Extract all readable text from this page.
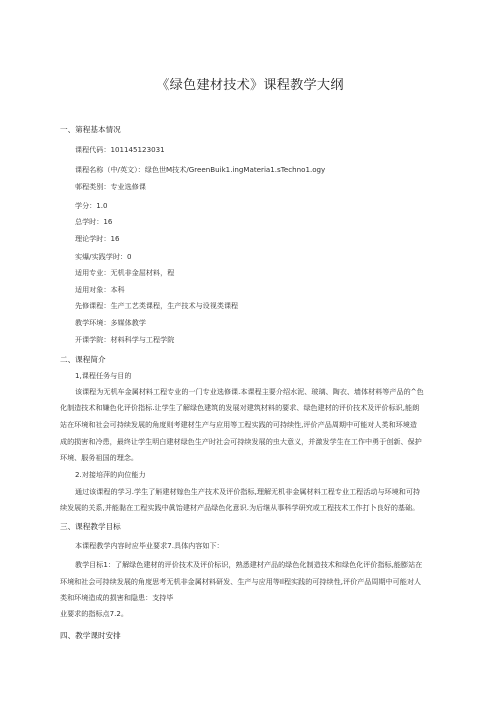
《绿色建材技术》课程教学大纲
一、第程基本情况
课程代码：101145123031
课程名称（中/英文）：绿色世M技术/GreenBuik1.ingMateria1.sTechno1.ogy
邨程类别：专业选修课
学分：1.0
总学时：16
理论学时：16
实爆/实践学时：0
适用专业：无机非金屈材料，程
适用对象：本科
先修课程：生产工艺类课程，生产技术与设视类课程
教学环境：多媒体教学
开课学院：材料科学与工程学院
二、课程简介
1,课程任务与目的
该课程为无机车金属材料工程专业的一门专业选修课.本课程主要介绍水泥、玻璃、陶衣、墙体材料等产品的^色
化制造技术和嫌色化评价指标.让学生了解绿色建筑的发展对建筑材料的要求、绿色建材的评价技术及评价标识,能朗
站在环境和社会可持续发展的角度则考建材生产与应用等工程实践的可持续性,评价产品周期中可能对人类和环境造
成的损害和冷患，最终让学生明白建材绿色生产时社会可持续发展的虫大意义，并激发学生在工作中勇于创新、保护
环境、服务祖国的理念。
2.对接培萍的向位能力
通过该课程的学习.学生了斛建材嫁色生产技术及评价指标,理解无机非金属材料工程专业工程活动与环境和可持
续发展的关系,并能黏在工程实践中眞饴建材产品绿色化意识.为后继从事科学研究或工程技术工作打卜良好的基础。
三、课程教学目标
本课程教学内容时应毕业要求7.具体内容如下：
教学目标1：了解绿色建材的评价技术及评价标识，熟悉建材产品的绿色化制造技术和绿色化评价指标,能膨站在
环境和社会可持续发展的角度思考无机非金属材料研发、生产与应用等Il程实践的可持续性,评价产品周期中可能对人
类和环境造成的损害和隐患：支持毕
业要求的指标点7.2。
四、教学课时安排
